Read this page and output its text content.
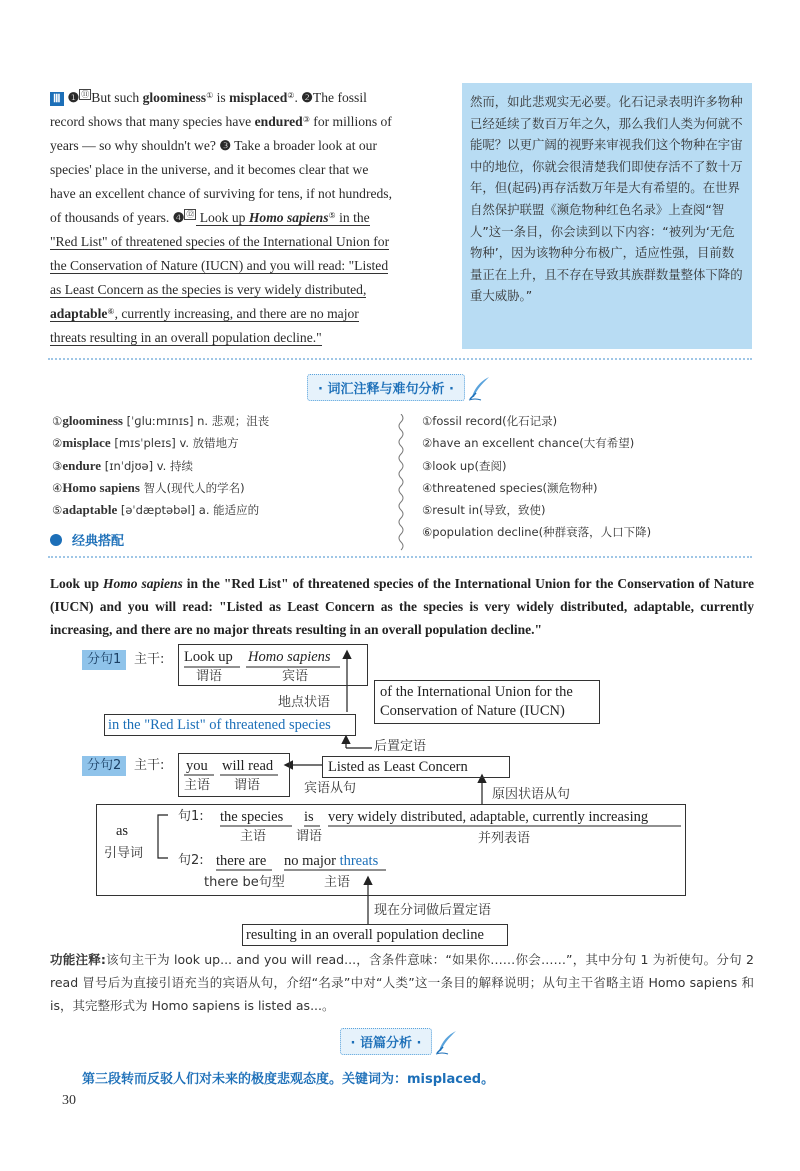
Ⅲ ❶ ⑪ But such gloominess① is misplaced②. ❷The fossil
record shows that many species have endured③ for millions of
years — so why shouldn't we? ❸ Take a broader look at our
species' place in the universe, and it becomes clear that we
have an excellent chance of surviving for tens, if not hundreds,
of thousands of years. ❹ ⑫ Look up Homo sapiens⑤ in the
"Red List" of threatened species of the International Union for
the Conservation of Nature (IUCN) and you will read: "Listed
as Least Concern as the species is very widely distributed,
adaptable⑥, currently increasing, and there are no major
threats resulting in an overall population decline."
然而，如此悲观实无必要。化石记录表明许多物种已经延续了数百万年之久，那么我们人类为何就不能呢？以更广阔的视野来审视我们这个物种在宇宙中的地位，你就会很清楚我们即使存活不了数十万年，但(起码)再存活数万年是大有希望的。在世界自然保护联盟《濒危物种红色名录》上查阅“智人”这一条目，你会读到以下内容：“被列为‘无危物种’，因为该物种分布极广，适应性强，目前数量正在上升，且不存在导致其族群数量整体下降的重大威胁。”
· 词汇注释与难句分析 ·
①gloominess [ˈɡluːmɪnɪs] n. 悲观；沮丧
②misplace [mɪsˈpleɪs] v. 放错地方
③endure [ɪnˈdjʊə] v. 持续
④Homo sapiens 智人(现代人的学名)
⑤adaptable [əˈdæptəbəl] a. 能适应的
①fossil record(化石记录)
②have an excellent chance(大有希望)
③look up(查阅)
④threatened species(濒危物种)
⑤result in(导致，致使)
⑥population decline(种群衰落，人口下降)
经典搭配
Look up Homo sapiens in the "Red List" of threatened species of the International Union for the Conservation of Nature (IUCN) and you will read: "Listed as Least Concern as the species is very widely distributed, adaptable, currently increasing, and there are no major threats resulting in an overall population decline."
分句1 主干: Look up Homo sapiens
谓语	宾语
地点状语
of the International Union for the
Conservation of Nature (IUCN)
in the "Red List" of threatened species
后置定语
分句2 主干: you will read
主语 谓语
Listed as Least Concern
宾语从句	原因状语从句
as
引导词
句1: the species is very widely distributed, adaptable, currently increasing
主语 谓语	并列表语
句2: there are no major threats
there be句型	主语
现在分词做后置定语
resulting in an overall population decline
功能注释:该句主干为 look up... and you will read...，含条件意味：“如果你……你会……”，其中分句 1 为祈使句。分句 2 read 冒号后为直接引语充当的宾语从句，介绍“名录”中对“人类”这一条目的解释说明；从句主干省略主语 Homo sapiens 和 is，其完整形式为 Homo sapiens is listed as...。
· 语篇分析 ·
第三段转而反驳人们对未来的极度悲观态度。关键词为：misplaced。
30
